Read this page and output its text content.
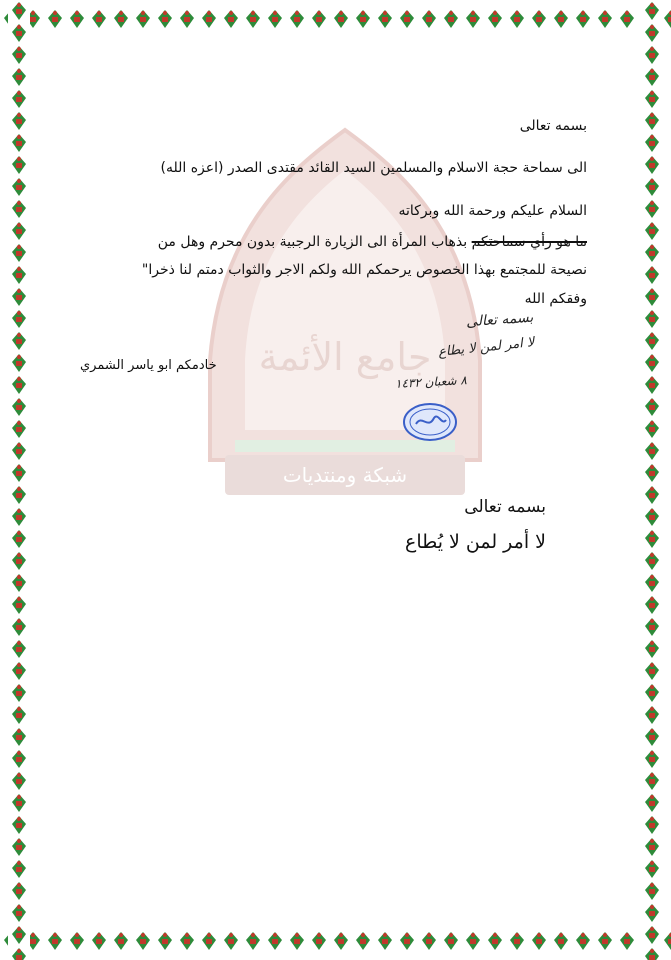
شبكة ومنتديات
جامع الأئمة
بسمه تعالى
الى سماحة حجة الاسلام والمسلمين السيد القائد مقتدى الصدر (اعزه الله)
السلام عليكم ورحمة الله وبركاته
ما هو رأي سماحتكم بذهاب المرأة الى الزيارة الرجبية بدون محرم وهل من
نصيحة للمجتمع بهذا الخصوص يرحمكم الله ولكم الاجر والثواب دمتم لنا ذخرا"
وفقكم الله
خادمكم ابو ياسر الشمري
بسمه تعالى
لا امر لمن لا يطاع
٨ شعبان ١٤٣٢
بسمه تعالى
لا أمر لمن لا يُطاع
